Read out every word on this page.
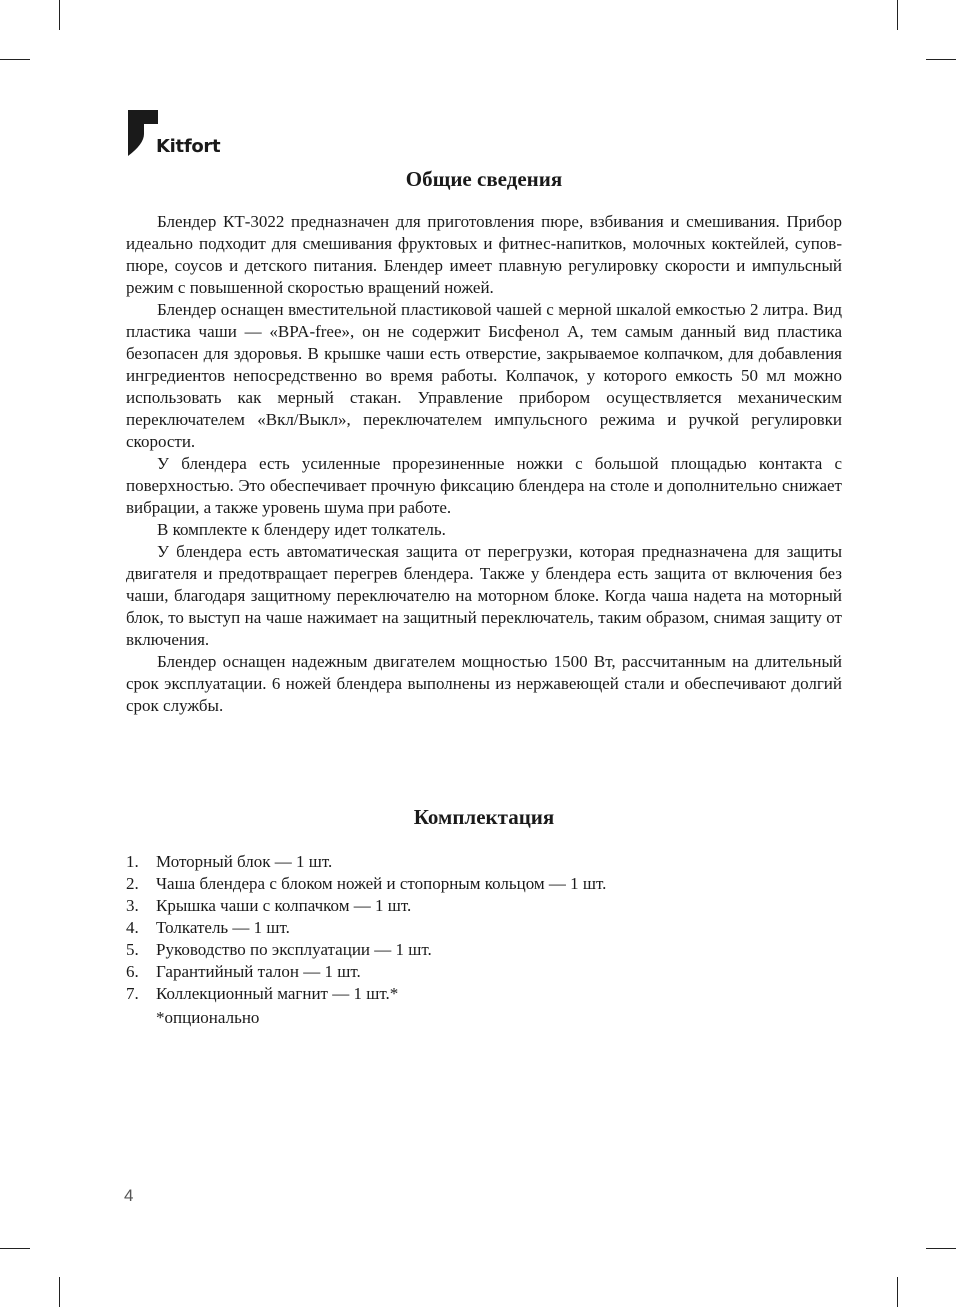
Kitfort
Общие сведения

Блендер КТ-3022 предназначен для приготовления пюре, взбивания и смешивания. Прибор идеально подходит для смешивания фруктовых и фитнес-напитков, молочных коктейлей, супов-пюре, соусов и детского питания. Блендер имеет плавную регулировку скорости и импульсный режим с повышенной скоростью вращений ножей.

Блендер оснащен вместительной пластиковой чашей с мерной шкалой емкостью 2 литра. Вид пластика чаши — «BPA-free», он не содержит Бисфенол А, тем самым данный вид пластика безопасен для здоровья. В крышке чаши есть отверстие, закрываемое колпачком, для добавления ингредиентов непосредственно во время работы. Колпачок, у которого емкость 50 мл можно использовать как мерный стакан. Управление прибором осуществляется механическим переключателем «Вкл/Выкл», переключателем импульсного режима и ручкой регулировки скорости.

У блендера есть усиленные прорезиненные ножки с большой площадью контакта с поверхностью. Это обеспечивает прочную фиксацию блендера на столе и дополнительно снижает вибрации, а также уровень шума при работе.

В комплекте к блендеру идет толкатель.

У блендера есть автоматическая защита от перегрузки, которая предназначена для защиты двигателя и предотвращает перегрев блендера. Также у блендера есть защита от включения без чаши, благодаря защитному переключателю на моторном блоке. Когда чаша надета на моторный блок, то выступ на чаше нажимает на защитный переключатель, таким образом, снимая защиту от включения.

Блендер оснащен надежным двигателем мощностью 1500 Вт, рассчитанным на длительный срок эксплуатации. 6 ножей блендера выполнены из нержавеющей стали и обеспечивают долгий срок службы.

Комплектация
1.	Моторный блок — 1 шт.
2.	Чаша блендера с блоком ножей и стопорным кольцом — 1 шт.
3.	Крышка чаши с колпачком — 1 шт.
4.	Толкатель — 1 шт.
5.	Руководство по эксплуатации — 1 шт.
6.	Гарантийный талон — 1 шт.
7.	Коллекционный магнит — 1 шт.*

*опционально

4
